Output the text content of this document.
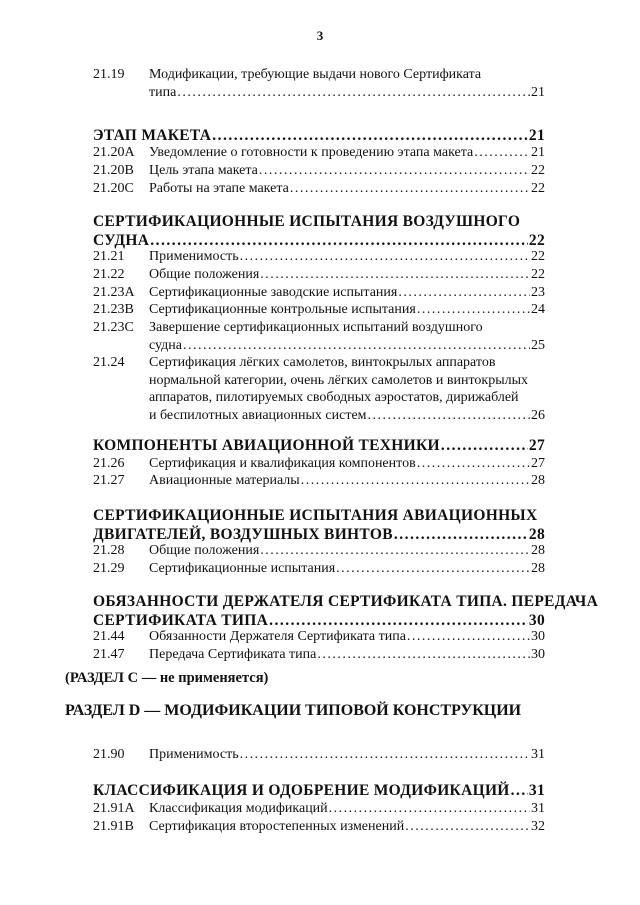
3
21.19	Модификации, требующие выдачи нового Сертификата
типа .....	21
ЭТАП МАКЕТА .....	21
21.20A	Уведомление о готовности к проведению этапа макета .....	21
21.20B	Цель этапа макета .....	22
21.20C	Работы на этапе макета .....	22
СЕРТИФИКАЦИОННЫЕ ИСПЫТАНИЯ ВОЗДУШНОГО
СУДНА .....	22
21.21	Применимость .....	22
21.22	Общие положения .....	22
21.23A	Сертификационные заводские испытания .....	23
21.23B	Сертификационные контрольные испытания .....	24
21.23C	Завершение сертификационных испытаний воздушного
судна .....	25
21.24	Сертификация лёгких самолетов, винтокрылых аппаратов
нормальной категории, очень лёгких самолетов и винтокрылых
аппаратов, пилотируемых свободных аэростатов, дирижаблей
и беспилотных авиационных систем .....	26
КОМПОНЕНТЫ АВИАЦИОННОЙ ТЕХНИКИ .....	27
21.26	Сертификация и квалификация компонентов .....	27
21.27	Авиационные материалы .....	28
СЕРТИФИКАЦИОННЫЕ ИСПЫТАНИЯ АВИАЦИОННЫХ
ДВИГАТЕЛЕЙ, ВОЗДУШНЫХ ВИНТОВ .....	28
21.28	Общие положения .....	28
21.29	Сертификационные испытания .....	28
ОБЯЗАННОСТИ ДЕРЖАТЕЛЯ СЕРТИФИКАТА ТИПА. ПЕРЕДАЧА
СЕРТИФИКАТА ТИПА .....	30
21.44	Обязанности Держателя Сертификата типа .....	30
21.47	Передача Сертификата типа .....	30
21.90	Применимость .....	31
КЛАССИФИКАЦИЯ И ОДОБРЕНИЕ МОДИФИКАЦИЙ ..... 31
21.91A	Классификация модификаций .....	31
21.91B	Сертификация второстепенных изменений .....	32
(РАЗДЕЛ C — не применяется)
РАЗДЕЛ D — МОДИФИКАЦИИ ТИПОВОЙ КОНСТРУКЦИИ
